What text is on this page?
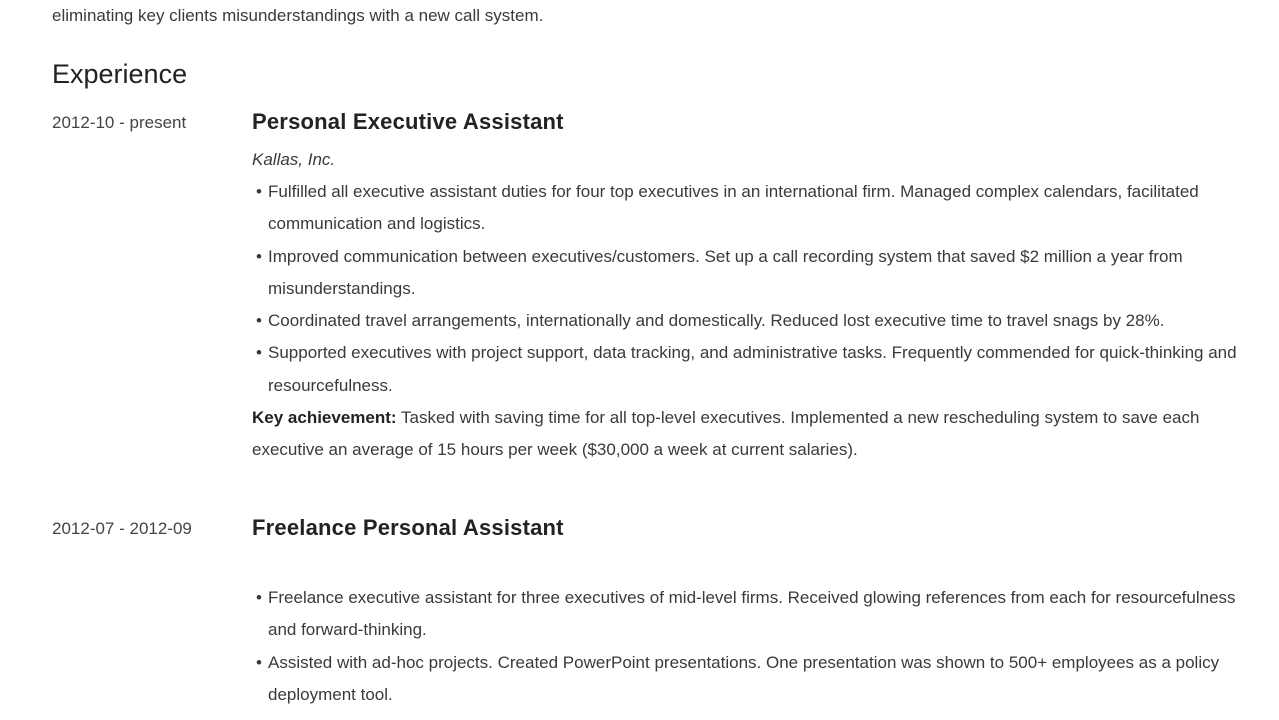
eliminating key clients misunderstandings with a new call system.
Experience
2012-10 - present	Personal Executive Assistant
Kallas, Inc.
• Fulfilled all executive assistant duties for four top executives in an international firm. Managed complex calendars, facilitated communication and logistics.
• Improved communication between executives/customers. Set up a call recording system that saved $2 million a year from misunderstandings.
• Coordinated travel arrangements, internationally and domestically. Reduced lost executive time to travel snags by 28%.
• Supported executives with project support, data tracking, and administrative tasks. Frequently commended for quick-thinking and resourcefulness.
Key achievement: Tasked with saving time for all top-level executives. Implemented a new rescheduling system to save each executive an average of 15 hours per week ($30,000 a week at current salaries).
2012-07 - 2012-09	Freelance Personal Assistant
• Freelance executive assistant for three executives of mid-level firms. Received glowing references from each for resourcefulness and forward-thinking.
• Assisted with ad-hoc projects. Created PowerPoint presentations. One presentation was shown to 500+ employees as a policy deployment tool.
